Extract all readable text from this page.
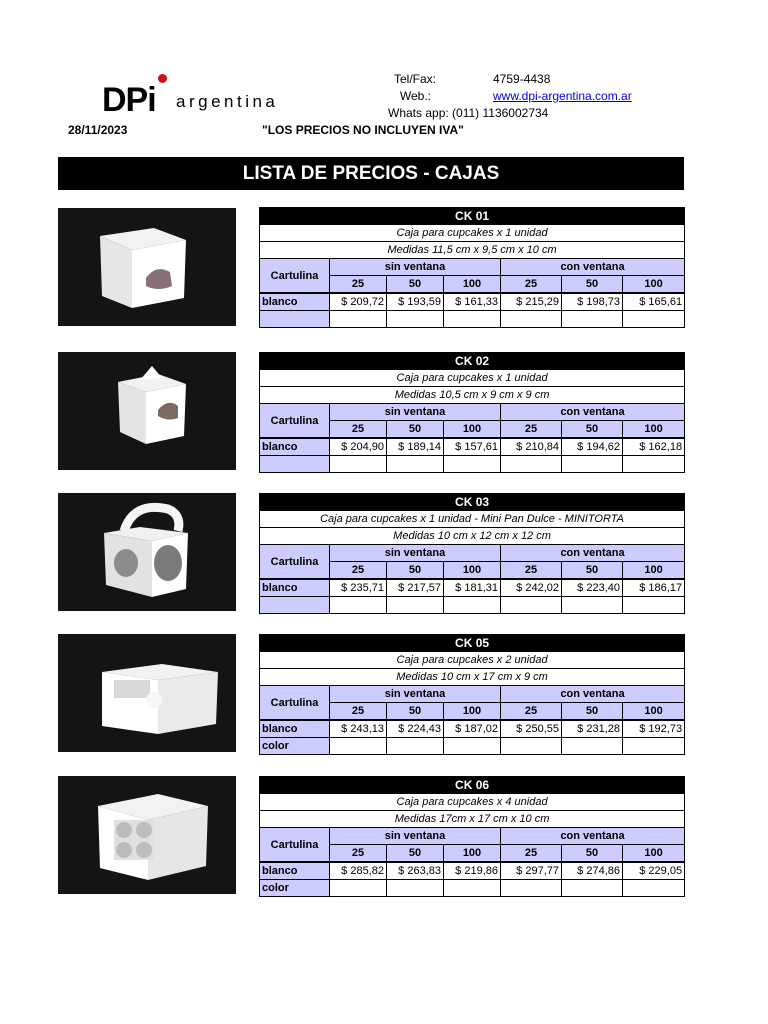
DPi argentina
Tel/Fax:	4759-4438
Web.:	www.dpi-argentina.com.ar
Whats app: (011) 1136002734
28/11/2023	"LOS PRECIOS NO INCLUYEN IVA"
LISTA DE PRECIOS - CAJAS
CK 01						
Caja para cupcakes x 1 unidad						
Medidas 11,5 cm x 9,5 cm x 10 cm						
Cartulina	sin ventana			con ventana		
	25	50	100	25	50	100
blanco	$ 209,72	$ 193,59	$ 161,33	$ 215,29	$ 198,73	$ 165,61

CK 02						
Caja para cupcakes x 1 unidad						
Medidas 10,5 cm x 9 cm x 9 cm						
Cartulina	sin ventana			con ventana		
	25	50	100	25	50	100
blanco	$ 204,90	$ 189,14	$ 157,61	$ 210,84	$ 194,62	$ 162,18

CK 03						
Caja para cupcakes x 1 unidad - Mini Pan Dulce - MINITORTA						
Medidas 10 cm x 12 cm x 12 cm						
Cartulina	sin ventana			con ventana		
	25	50	100	25	50	100
blanco	$ 235,71	$ 217,57	$ 181,31	$ 242,02	$ 223,40	$ 186,17

CK 05						
Caja para cupcakes x 2 unidad						
Medidas 10 cm x 17 cm x 9 cm						
Cartulina	sin ventana			con ventana		
	25	50	100	25	50	100
blanco	$ 243,13	$ 224,43	$ 187,02	$ 250,55	$ 231,28	$ 192,73
color						
CK 06						
Caja para cupcakes x 4 unidad						
Medidas 17cm x 17 cm x 10 cm						
Cartulina	sin ventana			con ventana		
	25	50	100	25	50	100
blanco	$ 285,82	$ 263,83	$ 219,86	$ 297,77	$ 274,86	$ 229,05
color						
